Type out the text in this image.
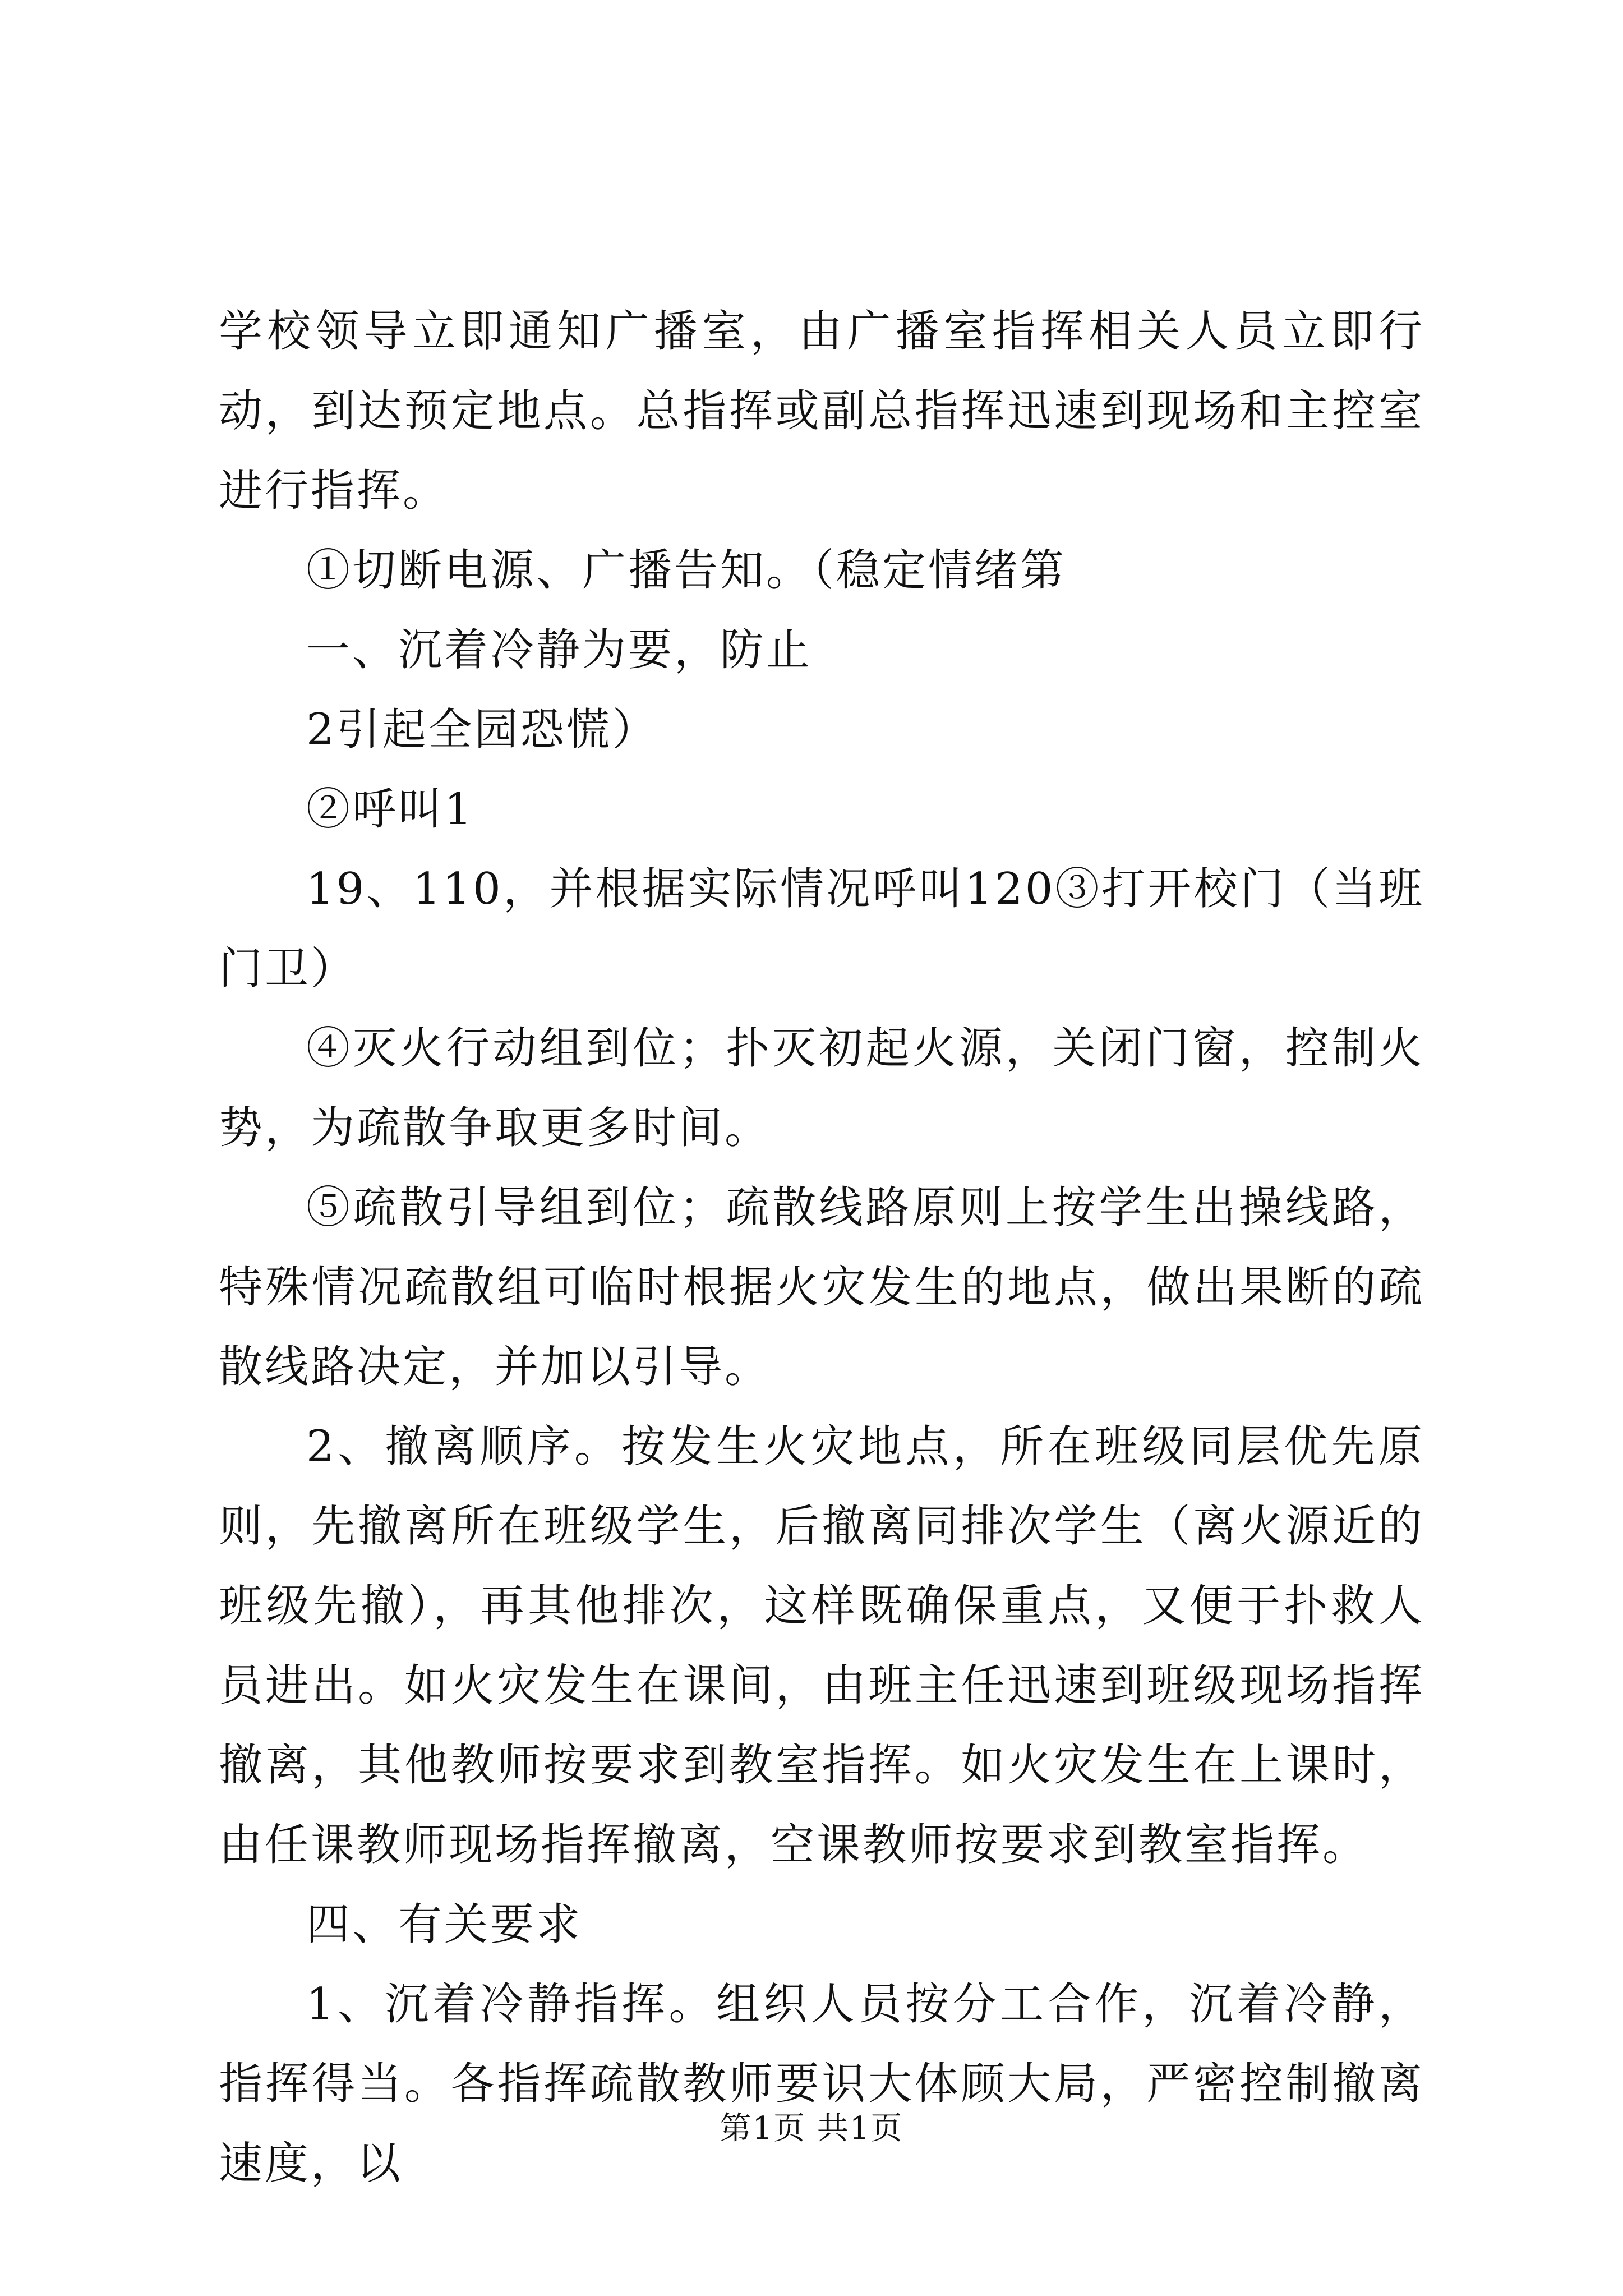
学校领导立即通知广播室，由广播室指挥相关人员立即行动，到达预定地点。总指挥或副总指挥迅速到现场和主控室进行指挥。

①切断电源、广播告知。（稳定情绪第

一、沉着冷静为要，防止

2引起全园恐慌）

②呼叫1

19、110，并根据实际情况呼叫120③打开校门（当班门卫）

④灭火行动组到位；扑灭初起火源，关闭门窗，控制火势，为疏散争取更多时间。

⑤疏散引导组到位；疏散线路原则上按学生出操线路，特殊情况疏散组可临时根据火灾发生的地点，做出果断的疏散线路决定，并加以引导。

2、撤离顺序。按发生火灾地点，所在班级同层优先原则，先撤离所在班级学生，后撤离同排次学生（离火源近的班级先撤），再其他排次，这样既确保重点，又便于扑救人员进出。如火灾发生在课间，由班主任迅速到班级现场指挥撤离，其他教师按要求到教室指挥。如火灾发生在上课时，由任课教师现场指挥撤离，空课教师按要求到教室指挥。

四、有关要求

1、沉着冷静指挥。组织人员按分工合作，沉着冷静，指挥得当。各指挥疏散教师要识大体顾大局，严密控制撤离速度，以

第1页 共1页
